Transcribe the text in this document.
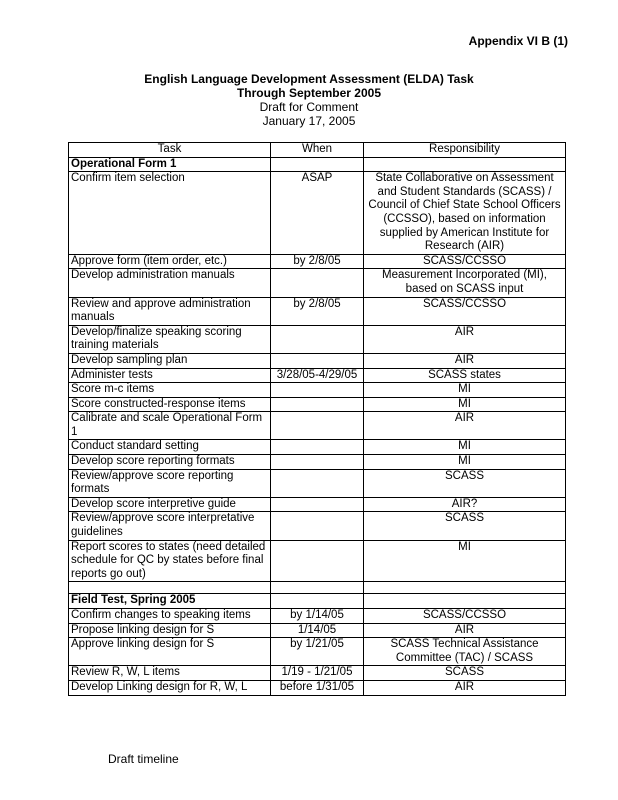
Appendix VI B (1)
English Language Development Assessment (ELDA) Task
Through September 2005
Draft for Comment
January 17, 2005
Task	When	Responsibility
Operational Form 1		
Confirm item selection	ASAP	State Collaborative on Assessment and Student Standards (SCASS) / Council of Chief State School Officers (CCSSO), based on information supplied by American Institute for Research (AIR)
Approve form (item order, etc.)	by 2/8/05	SCASS/CCSSO
Develop administration manuals		Measurement Incorporated (MI), based on SCASS input
Review and approve administration manuals	by 2/8/05	SCASS/CCSSO
Develop/finalize speaking scoring training materials		AIR
Develop sampling plan		AIR
Administer tests	3/28/05-4/29/05	SCASS states
Score m-c items		MI
Score constructed-response items		MI
Calibrate and scale Operational Form 1		AIR
Conduct standard setting		MI
Develop score reporting formats		MI
Review/approve score reporting formats		SCASS
Develop score interpretive guide		AIR?
Review/approve score interpretative guidelines		SCASS
Report scores to states (need detailed schedule for QC by states before final reports go out)		MI

Field Test, Spring 2005		
Confirm changes to speaking items	by 1/14/05	SCASS/CCSSO
Propose linking design for S	1/14/05	AIR
Approve linking design for S	by 1/21/05	SCASS Technical Assistance Committee (TAC) / SCASS
Review R, W, L items	1/19 - 1/21/05	SCASS
Develop Linking design for R, W, L	before 1/31/05	AIR
Draft timeline
